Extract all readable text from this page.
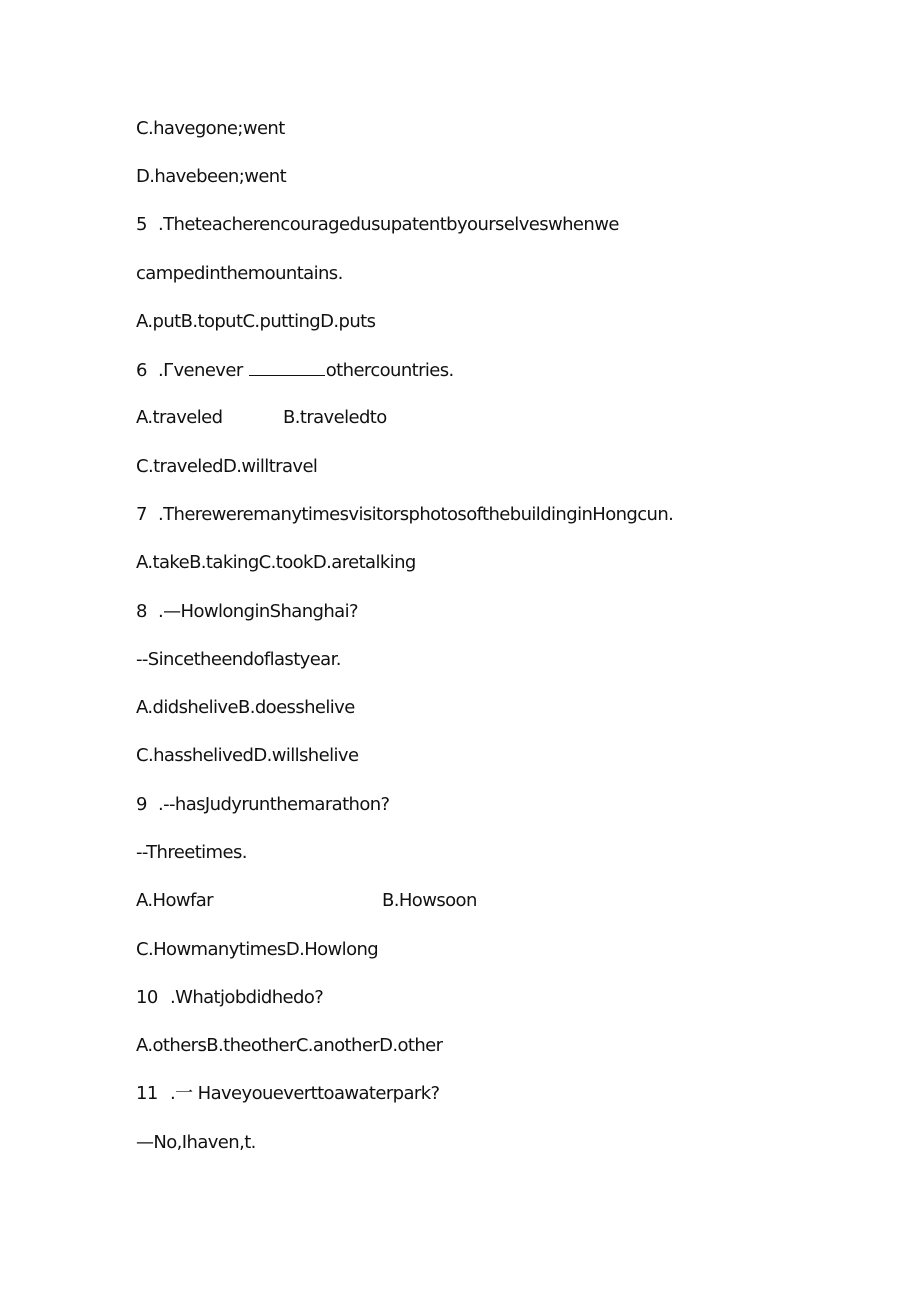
C.havegone;went
D.havebeen;went
5 .Theteacherencouragedusupatentbyourselveswhenwe
campedinthemountains.
A.putB.toputC.puttingD.puts
6 .Гvenever	othercountries.
A.traveled	B.traveledto
C.traveledD.willtravel
7 .ThereweremanytimesvisitorsphotosofthebuildinginHongcun.
A.takeB.takingC.tookD.aretalking
8 .—HowlonginShanghai?
--Sincetheendoflastyear.
A.didsheliveB.doesshelive
C.hasshelivedD.willshelive
9 .--hasJudyrunthemarathon?
--Threetimes.
A.Howfar	B.Howsoon
C.HowmanytimesD.Howlong
10 .Whatjobdidhedo?
A.othersB.theotherC.anotherD.other
11 .一 Haveyoueverttoawaterpark?
—No,Ihaven,t.
